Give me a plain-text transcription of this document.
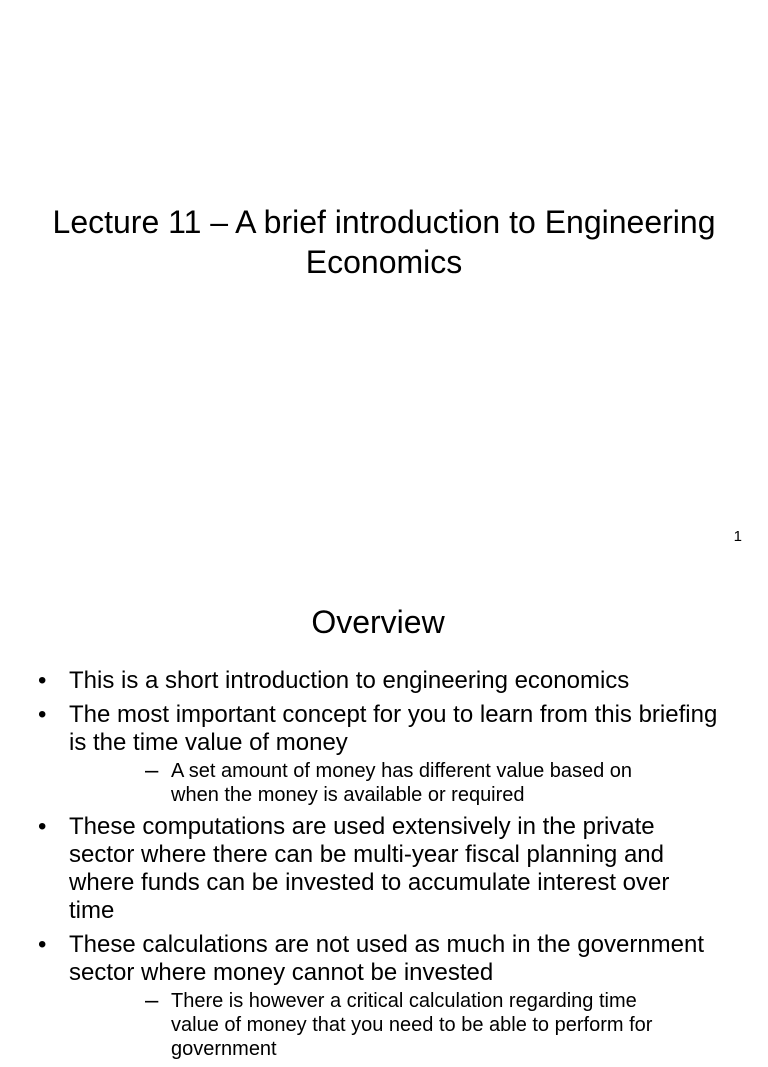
Lecture 11 – A brief introduction to Engineering Economics
1
Overview
• This is a short introduction to engineering economics
• The most important concept for you to learn from this briefing is the time value of money
– A set amount of money has different value based on when the money is available or required
• These computations are used extensively in the private sector where there can be multi-year fiscal planning and where funds can be invested to accumulate interest over time
• These calculations are not used as much in the government sector where money cannot be invested
– There is however a critical calculation regarding time value of money that you need to be able to perform for government
